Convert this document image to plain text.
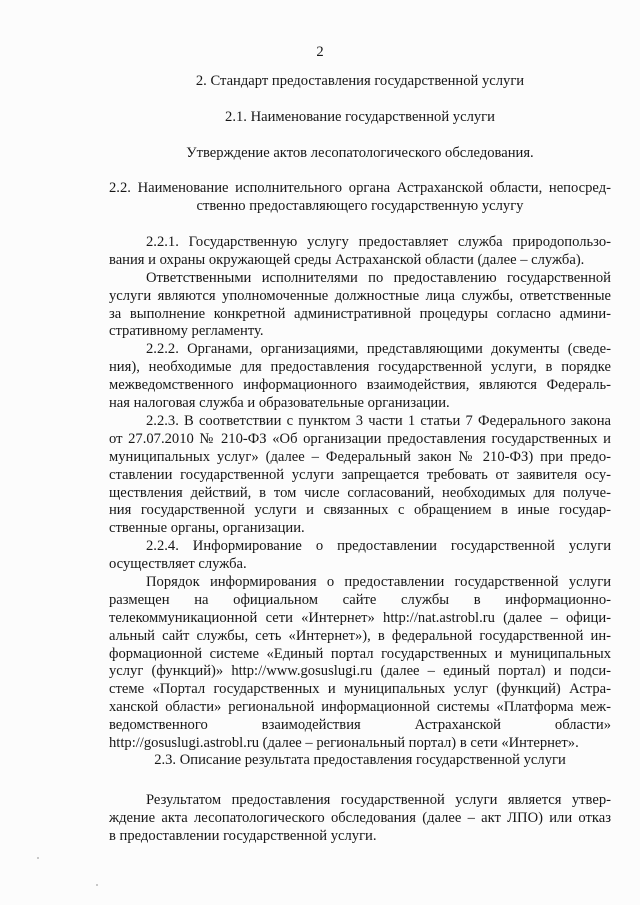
2

2. Стандарт предоставления государственной услуги

2.1. Наименование государственной услуги

Утверждение актов лесопатологического обследования.

2.2. Наименование исполнительного органа Астраханской области, непосред-
ственно предоставляющего государственную услугу
2.2.1. Государственную услугу предоставляет служба природопользо-
вания и охраны окружающей среды Астраханской области (далее – служба).
Ответственными исполнителями по предоставлению государственной
услуги являются уполномоченные должностные лица службы, ответственные
за выполнение конкретной административной процедуры согласно админи-
стративному регламенту.
2.2.2. Органами, организациями, представляющими документы (сведе-
ния), необходимые для предоставления государственной услуги, в порядке
межведомственного информационного взаимодействия, являются Федераль-
ная налоговая служба и образовательные организации.
2.2.3. В соответствии с пунктом 3 части 1 статьи 7 Федерального закона
от 27.07.2010 № 210-ФЗ «Об организации предоставления государственных и
муниципальных услуг» (далее – Федеральный закон № 210-ФЗ) при предо-
ставлении государственной услуги запрещается требовать от заявителя осу-
ществления действий, в том числе согласований, необходимых для получе-
ния государственной услуги и связанных с обращением в иные государ-
ственные органы, организации.
2.2.4. Информирование о предоставлении государственной услуги
осуществляет служба.
Порядок информирования о предоставлении государственной услуги
размещен на официальном сайте службы в информационно-
телекоммуникационной сети «Интернет» http://nat.astrobl.ru (далее – офици-
альный сайт службы, сеть «Интернет»), в федеральной государственной ин-
формационной системе «Единый портал государственных и муниципальных
услуг (функций)» http://www.gosuslugi.ru (далее – единый портал) и подси-
стеме «Портал государственных и муниципальных услуг (функций) Астра-
ханской области» региональной информационной системы «Платформа меж-
ведомственного взаимодействия Астраханской области»
http://gosuslugi.astrobl.ru (далее – региональный портал) в сети «Интернет».

2.3. Описание результата предоставления государственной услуги

Результатом предоставления государственной услуги является утвер-
ждение акта лесопатологического обследования (далее – акт ЛПО) или отказ
в предоставлении государственной услуги.
